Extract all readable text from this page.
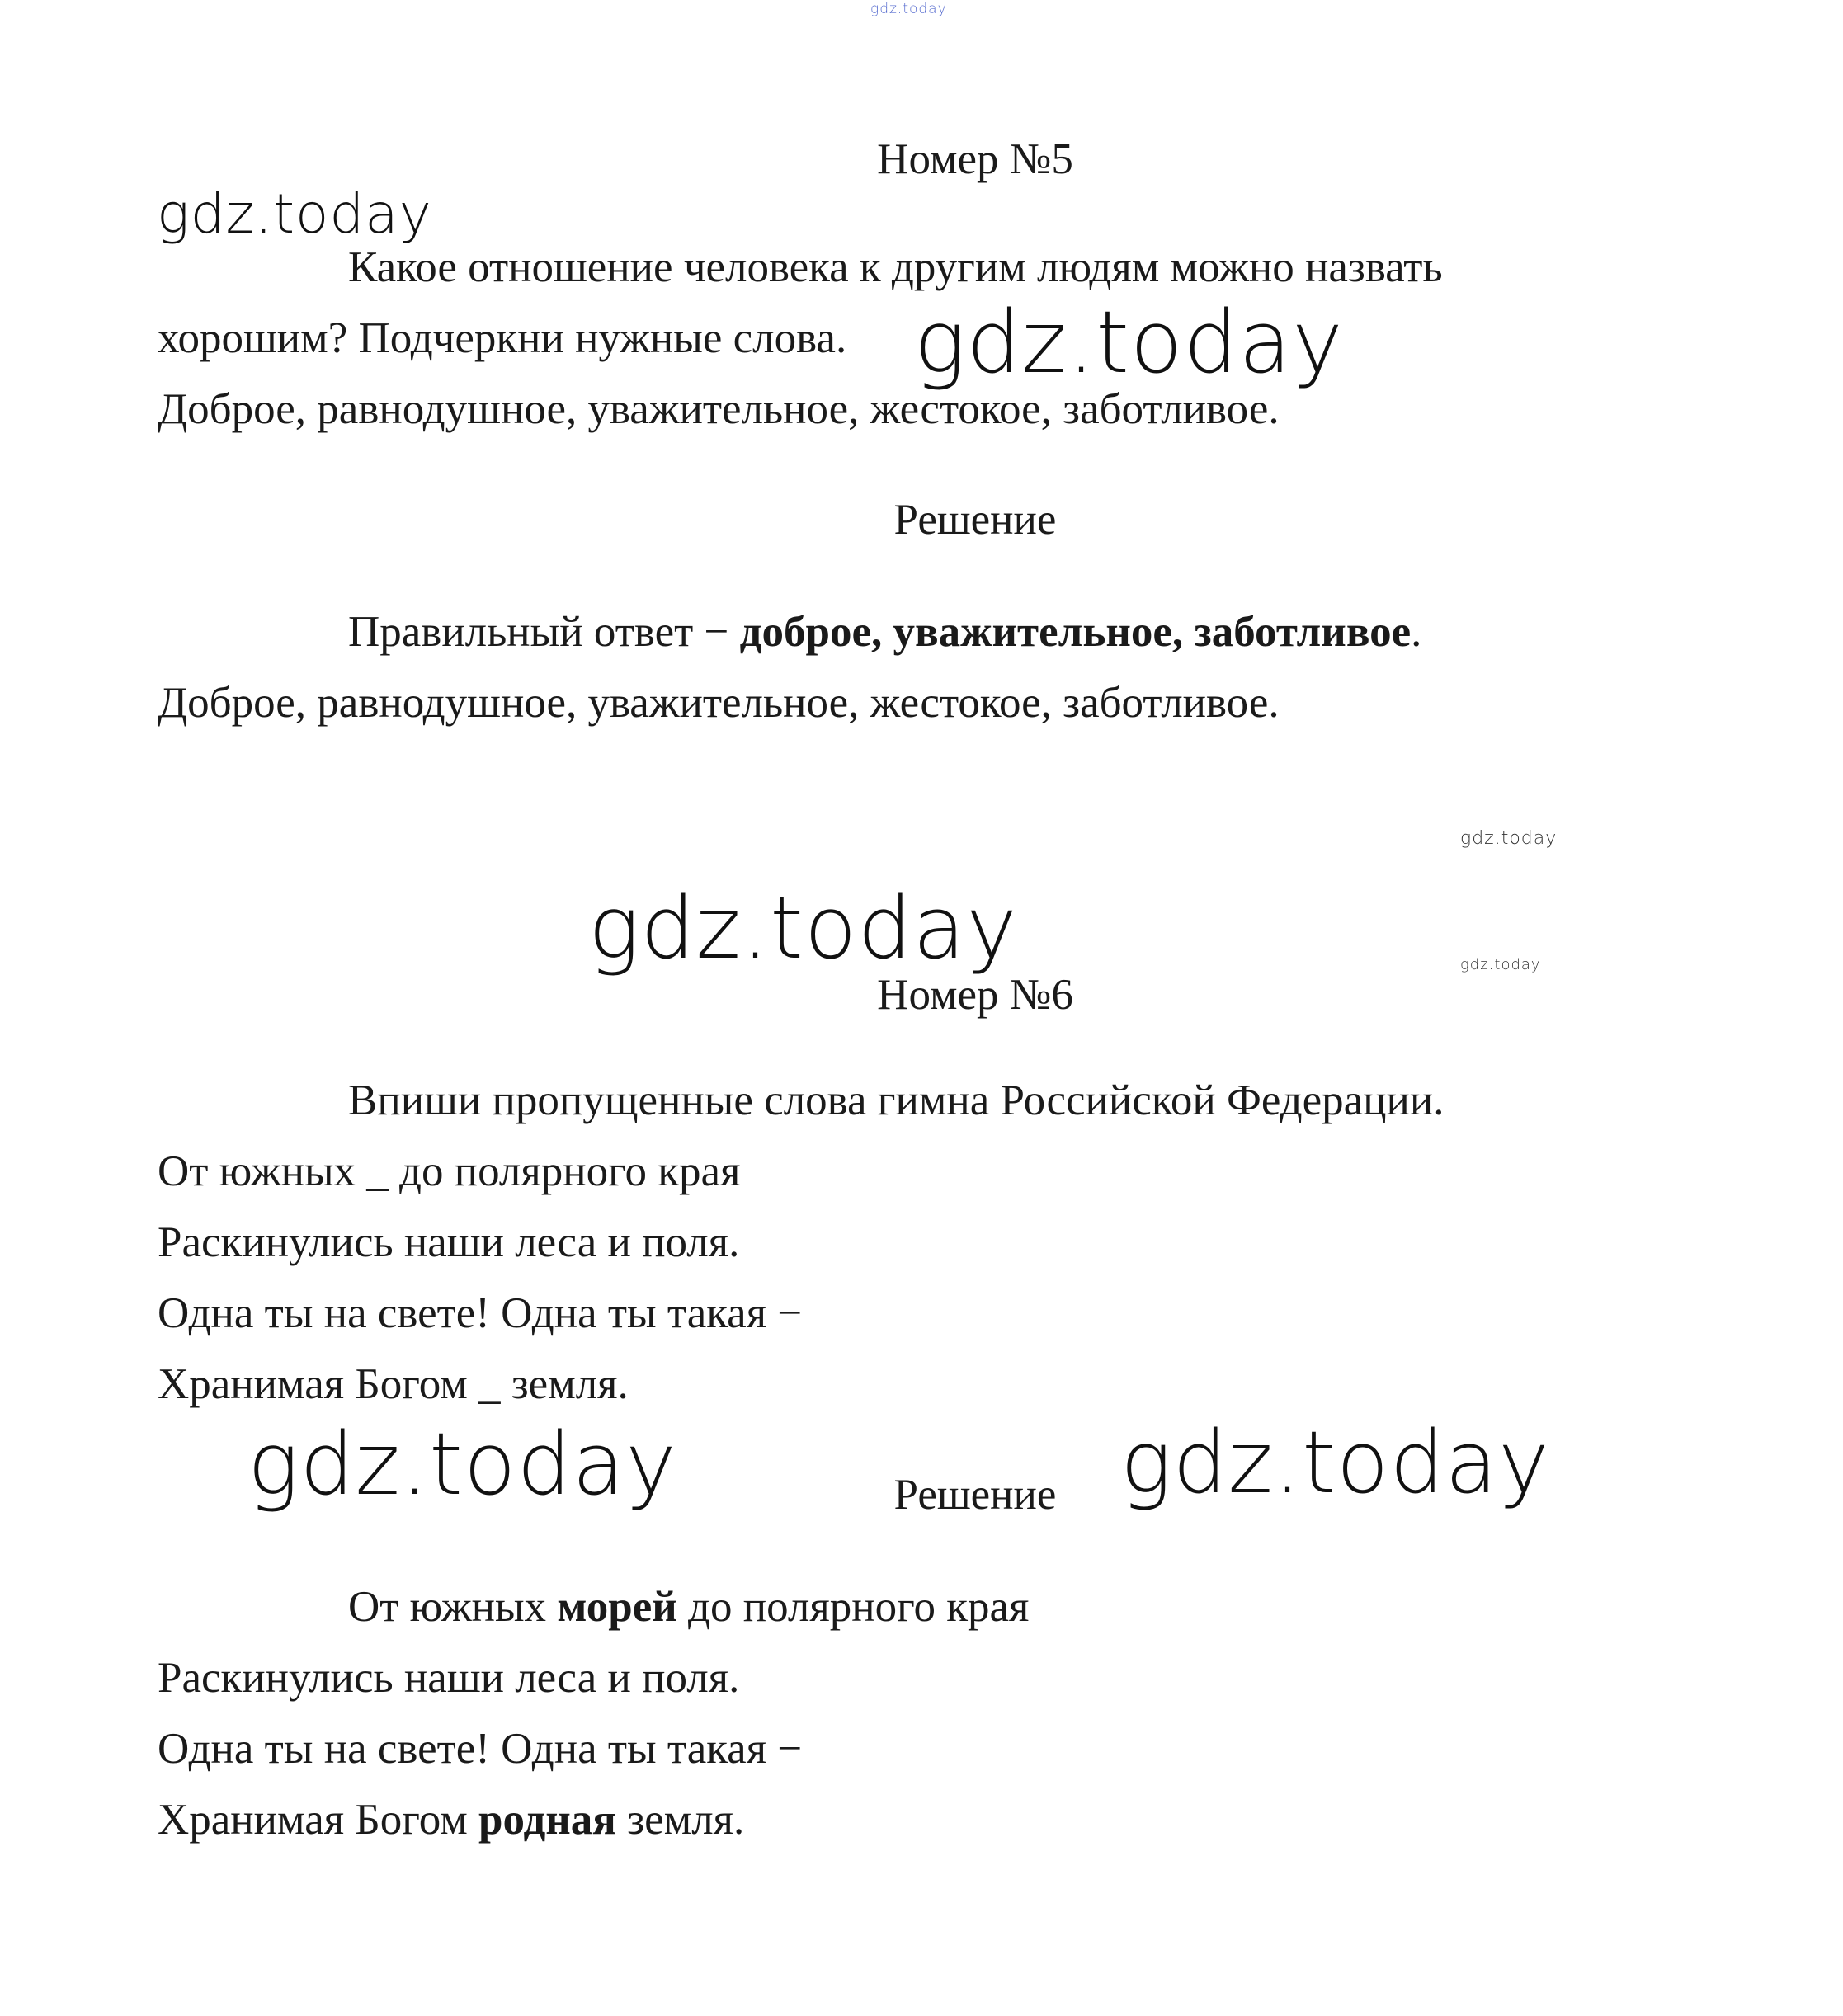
gdz.today
gdz.today
gdz.today
gdz.today
gdz.today	gdz.today
gdz.today	gdz.today
Номер №5
Какое отношение человека к другим людям можно назвать
хорошим? Подчеркни нужные слова.
Доброе, равнодушное, уважительное, жестокое, заботливое.
Решение
Правильный ответ − доброе, уважительное, заботливое.
Доброе, равнодушное, уважительное, жестокое, заботливое.
Номер №6
Впиши пропущенные слова гимна Российской Федерации.
От южных _ до полярного края
Раскинулись наши леса и поля.
Одна ты на свете! Одна ты такая −
Хранимая Богом _ земля.
Решение
От южных морей до полярного края
Раскинулись наши леса и поля.
Одна ты на свете! Одна ты такая −
Хранимая Богом родная земля.
